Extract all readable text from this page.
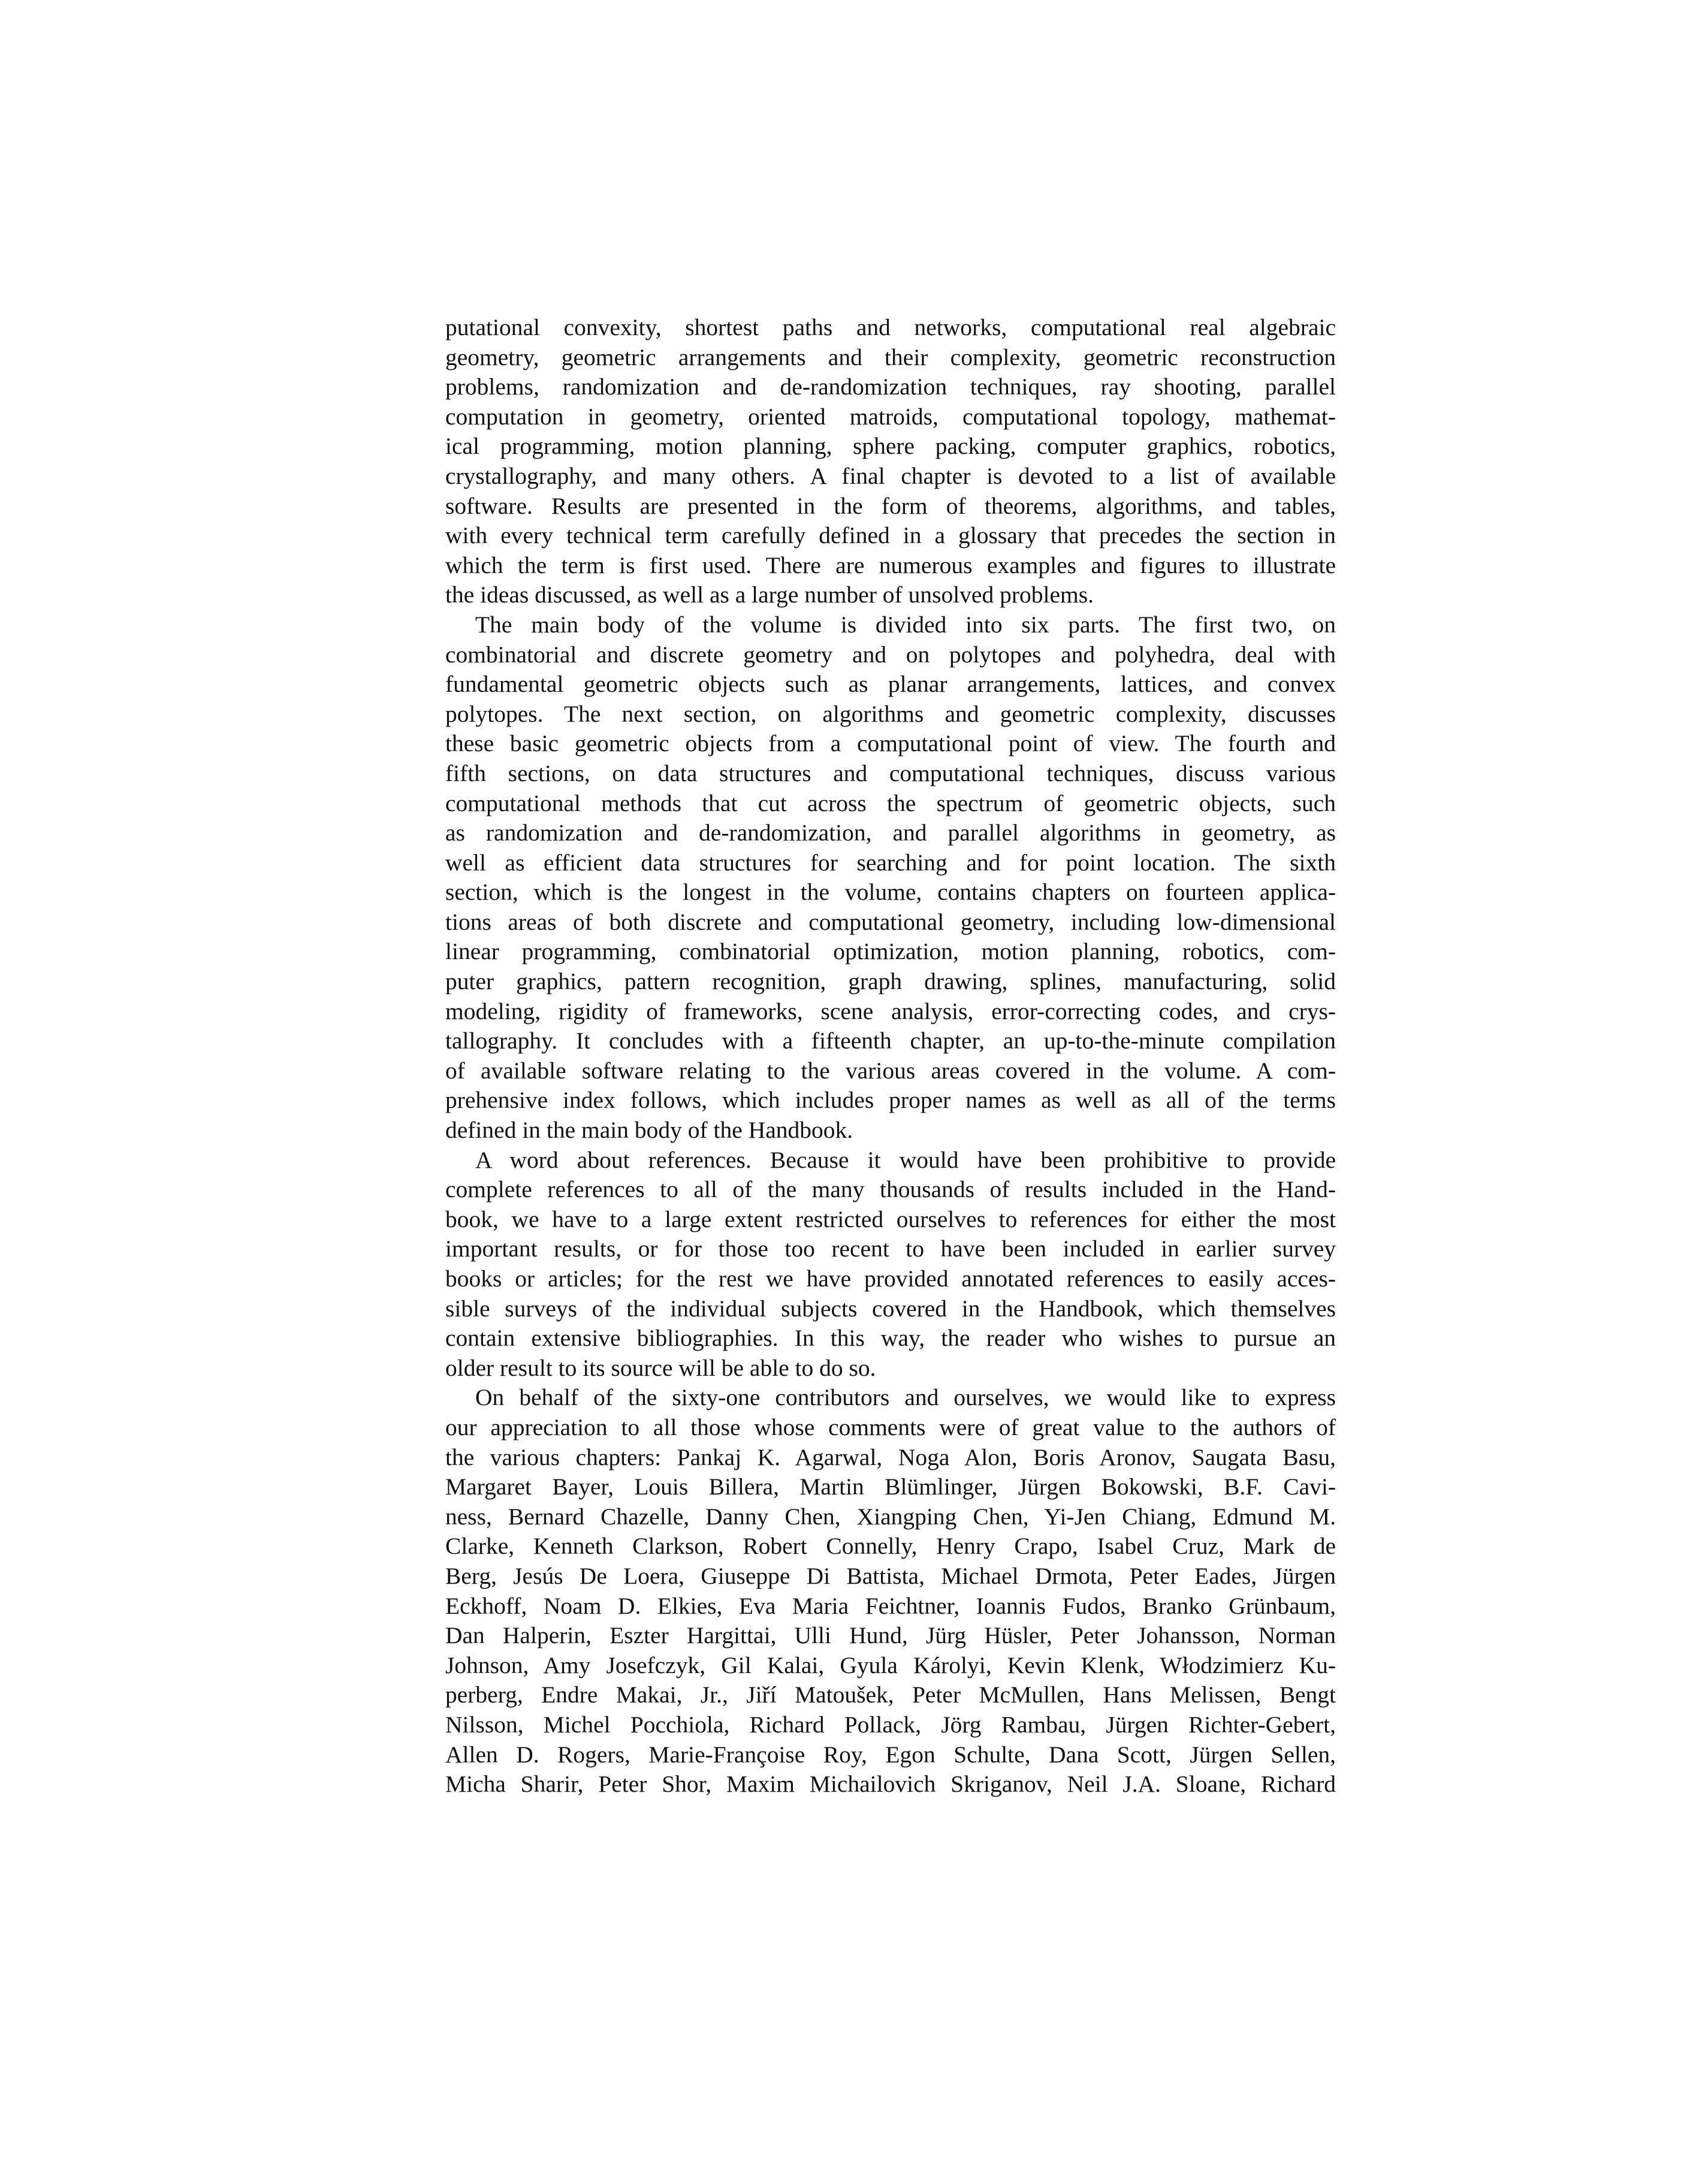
putational convexity, shortest paths and networks, computational real algebraic
geometry, geometric arrangements and their complexity, geometric reconstruction
problems, randomization and de-randomization techniques, ray shooting, parallel
computation in geometry, oriented matroids, computational topology, mathemat-
ical programming, motion planning, sphere packing, computer graphics, robotics,
crystallography, and many others. A final chapter is devoted to a list of available
software. Results are presented in the form of theorems, algorithms, and tables,
with every technical term carefully defined in a glossary that precedes the section in
which the term is first used. There are numerous examples and figures to illustrate
the ideas discussed, as well as a large number of unsolved problems.
The main body of the volume is divided into six parts. The first two, on
combinatorial and discrete geometry and on polytopes and polyhedra, deal with
fundamental geometric objects such as planar arrangements, lattices, and convex
polytopes. The next section, on algorithms and geometric complexity, discusses
these basic geometric objects from a computational point of view. The fourth and
fifth sections, on data structures and computational techniques, discuss various
computational methods that cut across the spectrum of geometric objects, such
as randomization and de-randomization, and parallel algorithms in geometry, as
well as efficient data structures for searching and for point location. The sixth
section, which is the longest in the volume, contains chapters on fourteen applica-
tions areas of both discrete and computational geometry, including low-dimensional
linear programming, combinatorial optimization, motion planning, robotics, com-
puter graphics, pattern recognition, graph drawing, splines, manufacturing, solid
modeling, rigidity of frameworks, scene analysis, error-correcting codes, and crys-
tallography. It concludes with a fifteenth chapter, an up-to-the-minute compilation
of available software relating to the various areas covered in the volume. A com-
prehensive index follows, which includes proper names as well as all of the terms
defined in the main body of the Handbook.
A word about references. Because it would have been prohibitive to provide
complete references to all of the many thousands of results included in the Hand-
book, we have to a large extent restricted ourselves to references for either the most
important results, or for those too recent to have been included in earlier survey
books or articles; for the rest we have provided annotated references to easily acces-
sible surveys of the individual subjects covered in the Handbook, which themselves
contain extensive bibliographies. In this way, the reader who wishes to pursue an
older result to its source will be able to do so.
On behalf of the sixty-one contributors and ourselves, we would like to express
our appreciation to all those whose comments were of great value to the authors of
the various chapters: Pankaj K. Agarwal, Noga Alon, Boris Aronov, Saugata Basu,
Margaret Bayer, Louis Billera, Martin Blümlinger, Jürgen Bokowski, B.F. Cavi-
ness, Bernard Chazelle, Danny Chen, Xiangping Chen, Yi-Jen Chiang, Edmund M.
Clarke, Kenneth Clarkson, Robert Connelly, Henry Crapo, Isabel Cruz, Mark de
Berg, Jesús De Loera, Giuseppe Di Battista, Michael Drmota, Peter Eades, Jürgen
Eckhoff, Noam D. Elkies, Eva Maria Feichtner, Ioannis Fudos, Branko Grünbaum,
Dan Halperin, Eszter Hargittai, Ulli Hund, Jürg Hüsler, Peter Johansson, Norman
Johnson, Amy Josefczyk, Gil Kalai, Gyula Károlyi, Kevin Klenk, Włodzimierz Ku-
perberg, Endre Makai, Jr., Jiří Matoušek, Peter McMullen, Hans Melissen, Bengt
Nilsson, Michel Pocchiola, Richard Pollack, Jörg Rambau, Jürgen Richter-Gebert,
Allen D. Rogers, Marie-Françoise Roy, Egon Schulte, Dana Scott, Jürgen Sellen,
Micha Sharir, Peter Shor, Maxim Michailovich Skriganov, Neil J.A. Sloane, Richard
